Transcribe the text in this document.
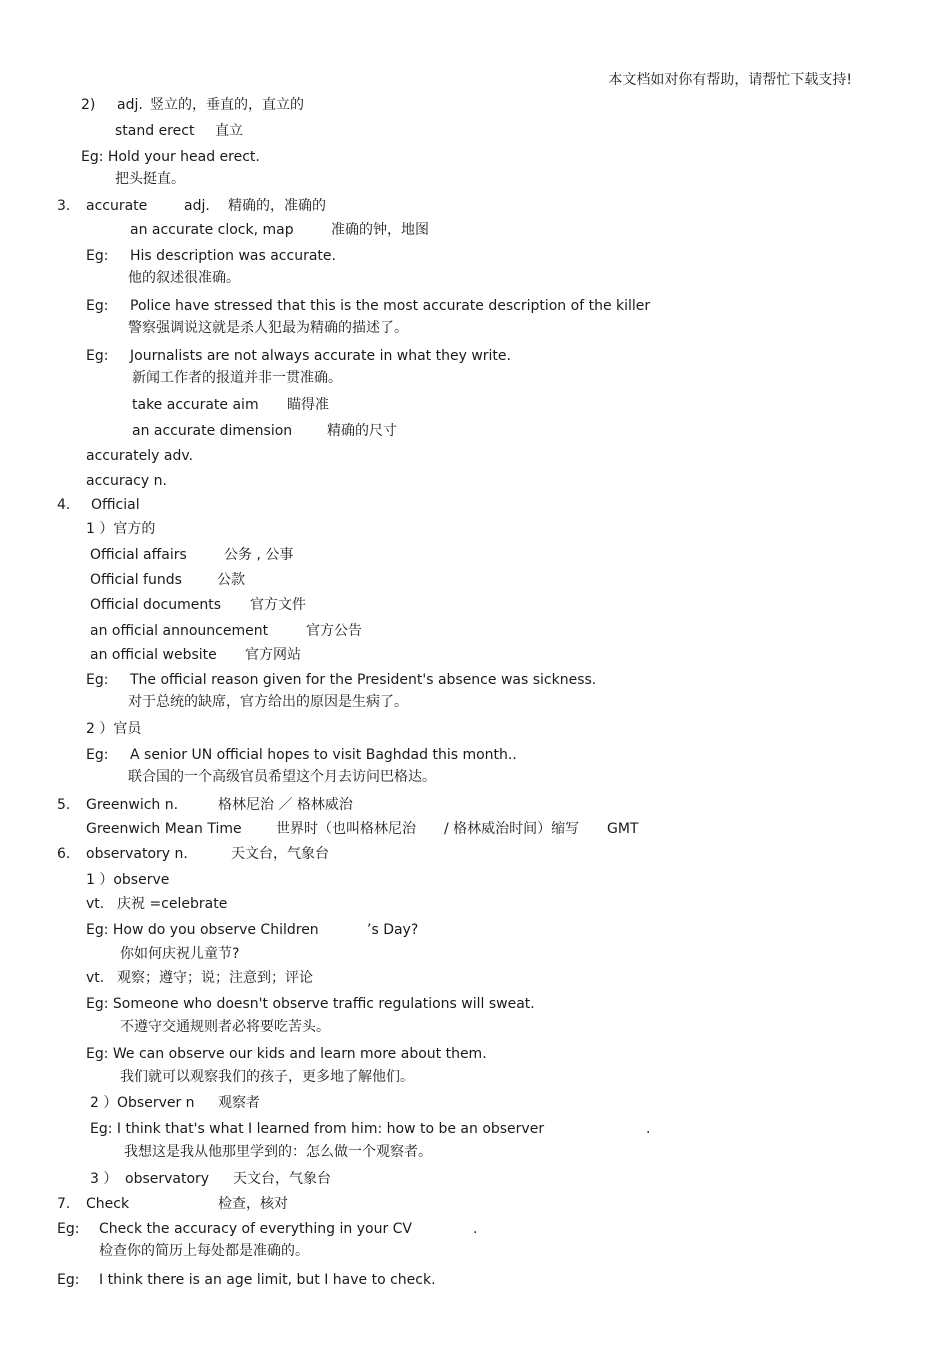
本文档如对你有帮助，请帮忙下载支持!
2) adj. 竖立的，垂直的，直立的
stand erect 直立
Eg: Hold your head erect.
把头挺直。
3. accurate	adj. 精确的，准确的
an accurate clock, map	准确的钟，地图
Eg: His description was accurate.
他的叙述很准确。
Eg: Police have stressed that this is the most accurate description of the killer
警察强调说这就是杀人犯最为精确的描述了。
Eg: Journalists are not always accurate in what they write.
新闻工作者的报道并非一贯准确。
take accurate aim 瞄得准
an accurate dimension 精确的尺寸
accurately adv.
accuracy n.
4. Official
1 ）官方的
Official affairs	公务 , 公事
Official funds	公款
Official documents 官方文件
an official announcement	官方公告
an official website 官方网站
Eg: The official reason given for the President's absence was sickness.
对于总统的缺席，官方给出的原因是生病了。
2 ）官员
Eg: A senior UN official hopes to visit Baghdad this month..
联合国的一个高级官员希望这个月去访问巴格达。
5. Greenwich n.	格林尼治 ／ 格林威治
Greenwich Mean Time 世界时（也叫格林尼治 / 格林威治时间）缩写 GMT
6. observatory n.	天文台，气象台
1 ）observe
vt. 庆祝 =celebrate
Eg: How do you observe Children	’s Day?
你如何庆祝儿童节?
vt. 观察；遵守；说；注意到；评论
Eg: Someone who doesn't observe traffic regulations will sweat.
不遵守交通规则者必将要吃苦头。
Eg: We can observe our kids and learn more about them.
我们就可以观察我们的孩子，更多地了解他们。
2 ） Observer n 观察者
Eg: I think that's what I learned from him: how to be an observer	.
我想这是我从他那里学到的：怎么做一个观察者。
3 ） observatory 天文台，气象台
7. Check	检查，核对
Eg: Check the accuracy of everything in your CV	.
检查你的简历上每处都是准确的。
Eg: I think there is an age limit, but I have to check.
